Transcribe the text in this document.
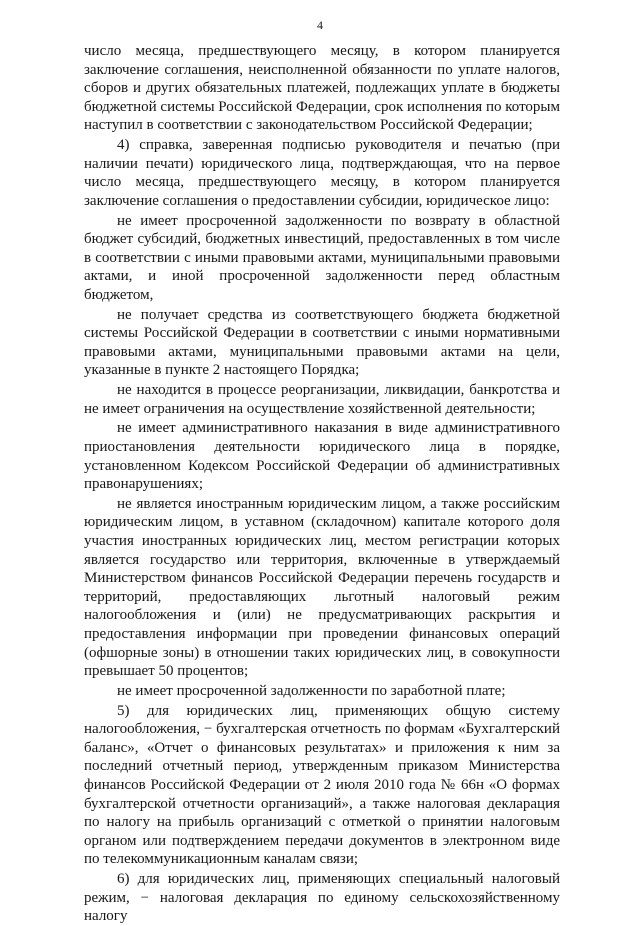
4

число месяца, предшествующего месяцу, в котором планируется заключение соглашения, неисполненной обязанности по уплате налогов, сборов и других обязательных платежей, подлежащих уплате в бюджеты бюджетной системы Российской Федерации, срок исполнения по которым наступил в соответствии с законодательством Российской Федерации;

4) справка, заверенная подписью руководителя и печатью (при наличии печати) юридического лица, подтверждающая, что на первое число месяца, предшествующего месяцу, в котором планируется заключение соглашения о предоставлении субсидии, юридическое лицо:

не имеет просроченной задолженности по возврату в областной бюджет субсидий, бюджетных инвестиций, предоставленных в том числе в соответствии с иными правовыми актами, муниципальными правовыми актами, и иной просроченной задолженности перед областным бюджетом,

не получает средства из соответствующего бюджета бюджетной системы Российской Федерации в соответствии с иными нормативными правовыми актами, муниципальными правовыми актами на цели, указанные в пункте 2 настоящего Порядка;

не находится в процессе реорганизации, ликвидации, банкротства и не имеет ограничения на осуществление хозяйственной деятельности;

не имеет административного наказания в виде административного приостановления деятельности юридического лица в порядке, установленном Кодексом Российской Федерации об административных правонарушениях;

не является иностранным юридическим лицом, а также российским юридическим лицом, в уставном (складочном) капитале которого доля участия иностранных юридических лиц, местом регистрации которых является государство или территория, включенные в утверждаемый Министерством финансов Российской Федерации перечень государств и территорий, предоставляющих льготный налоговый режим налогообложения и (или) не предусматривающих раскрытия и предоставления информации при проведении финансовых операций (офшорные зоны) в отношении таких юридических лиц, в совокупности превышает 50 процентов;

не имеет просроченной задолженности по заработной плате;

5) для юридических лиц, применяющих общую систему налогообложения, − бухгалтерская отчетность по формам «Бухгалтерский баланс», «Отчет о финансовых результатах» и приложения к ним за последний отчетный период, утвержденным приказом Министерства финансов Российской Федерации от 2 июля 2010 года № 66н «О формах бухгалтерской отчетности организаций», а также налоговая декларация по налогу на прибыль организаций с отметкой о принятии налоговым органом или подтверждением передачи документов в электронном виде по телекоммуникационным каналам связи;

6) для юридических лиц, применяющих специальный налоговый режим, − налоговая декларация по единому сельскохозяйственному налогу
